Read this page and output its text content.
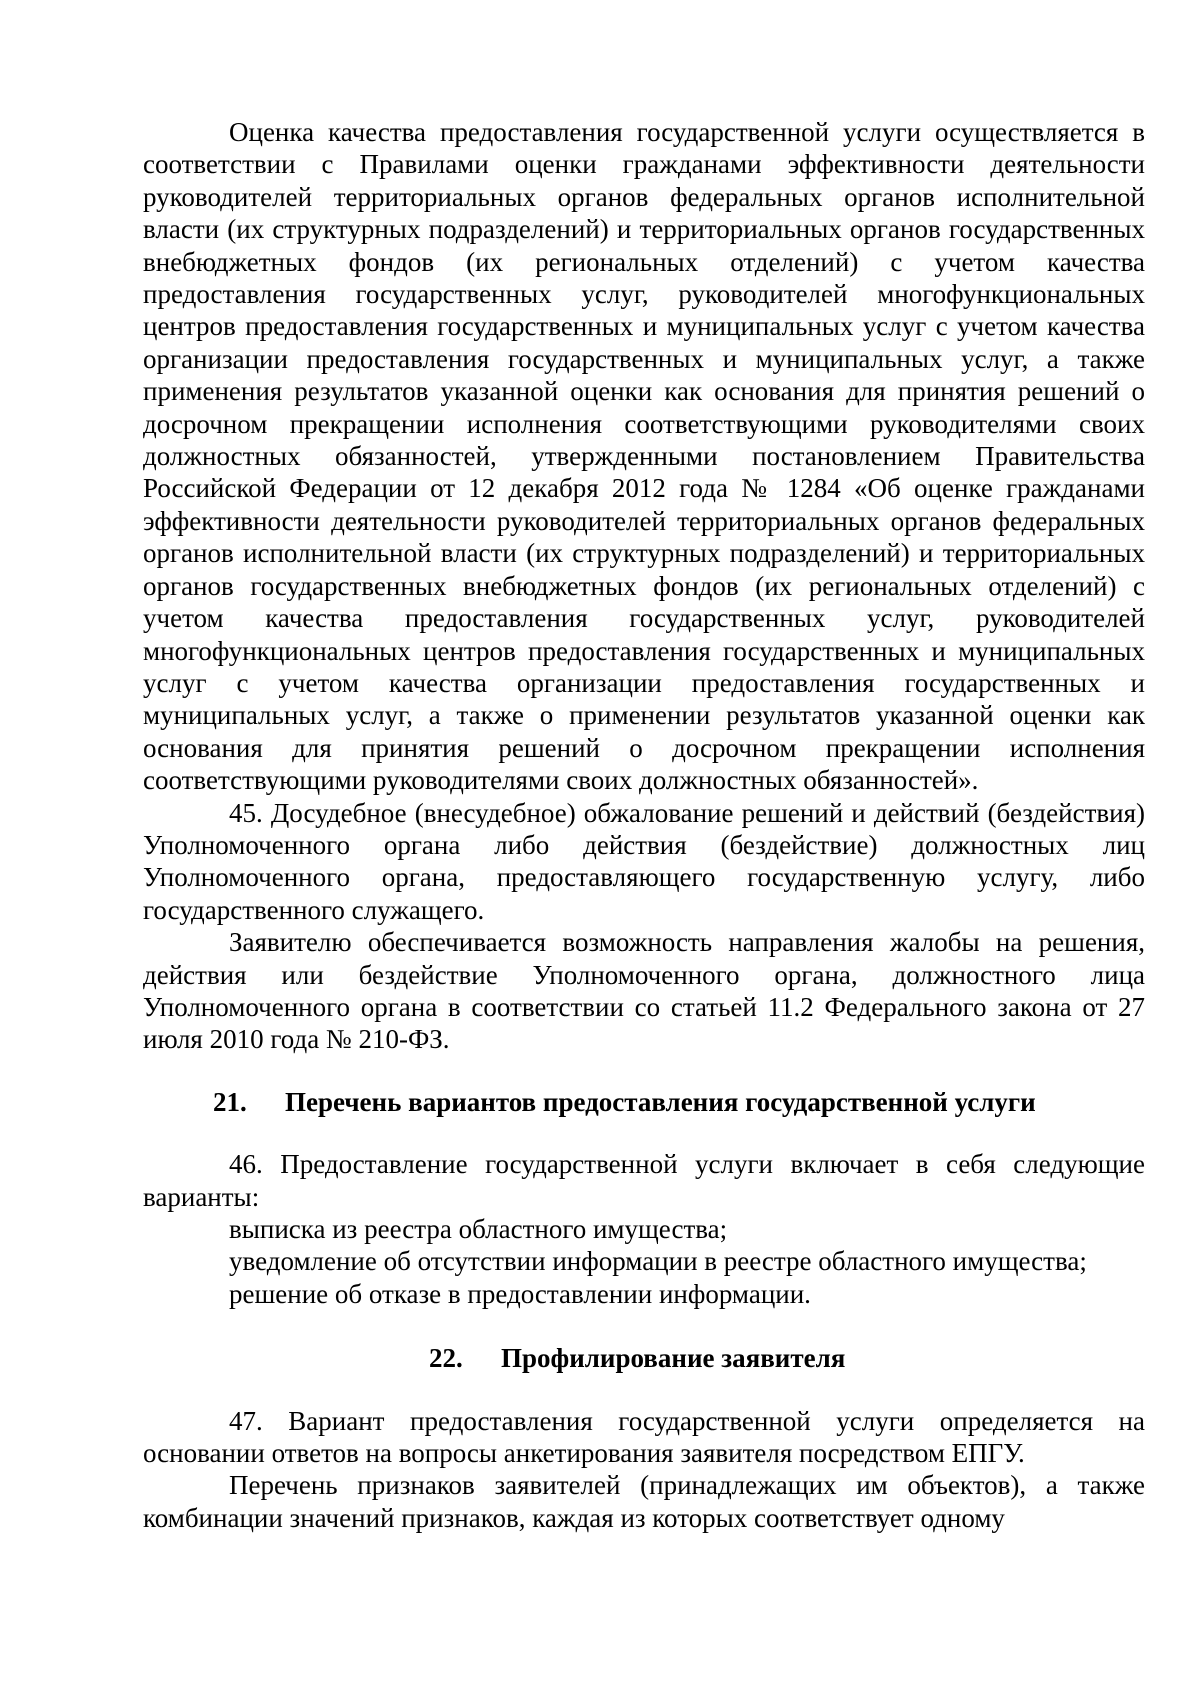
Оценка качества предоставления государственной услуги осуществляется в соответствии с Правилами оценки гражданами эффективности деятельности руководителей территориальных органов федеральных органов исполнительной власти (их структурных подразделений) и территориальных органов государственных внебюджетных фондов (их региональных отделений) с учетом качества предоставления государственных услуг, руководителей многофункциональных центров предоставления государственных и муниципальных услуг с учетом качества организации предоставления государственных и муниципальных услуг, а также применения результатов указанной оценки как основания для принятия решений о досрочном прекращении исполнения соответствующими руководителями своих должностных обязанностей, утвержденными постановлением Правительства Российской Федерации от 12 декабря 2012 года № 1284 «Об оценке гражданами эффективности деятельности руководителей территориальных органов федеральных органов исполнительной власти (их структурных подразделений) и территориальных органов государственных внебюджетных фондов (их региональных отделений) с учетом качества предоставления государственных услуг, руководителей многофункциональных центров предоставления государственных и муниципальных услуг с учетом качества организации предоставления государственных и муниципальных услуг, а также о применении результатов указанной оценки как основания для принятия решений о досрочном прекращении исполнения соответствующими руководителями своих должностных обязанностей».

45. Досудебное (внесудебное) обжалование решений и действий (бездействия) Уполномоченного органа либо действия (бездействие) должностных лиц Уполномоченного органа, предоставляющего государственную услугу, либо государственного служащего.

Заявителю обеспечивается возможность направления жалобы на решения, действия или бездействие Уполномоченного органа, должностного лица Уполномоченного органа в соответствии со статьей 11.2 Федерального закона от 27 июля 2010 года № 210-ФЗ.

21. Перечень вариантов предоставления государственной услуги

46. Предоставление государственной услуги включает в себя следующие варианты:

выписка из реестра областного имущества;

уведомление об отсутствии информации в реестре областного имущества;

решение об отказе в предоставлении информации.

22. Профилирование заявителя

47. Вариант предоставления государственной услуги определяется на основании ответов на вопросы анкетирования заявителя посредством ЕПГУ.

Перечень признаков заявителей (принадлежащих им объектов), а также комбинации значений признаков, каждая из которых соответствует одному
